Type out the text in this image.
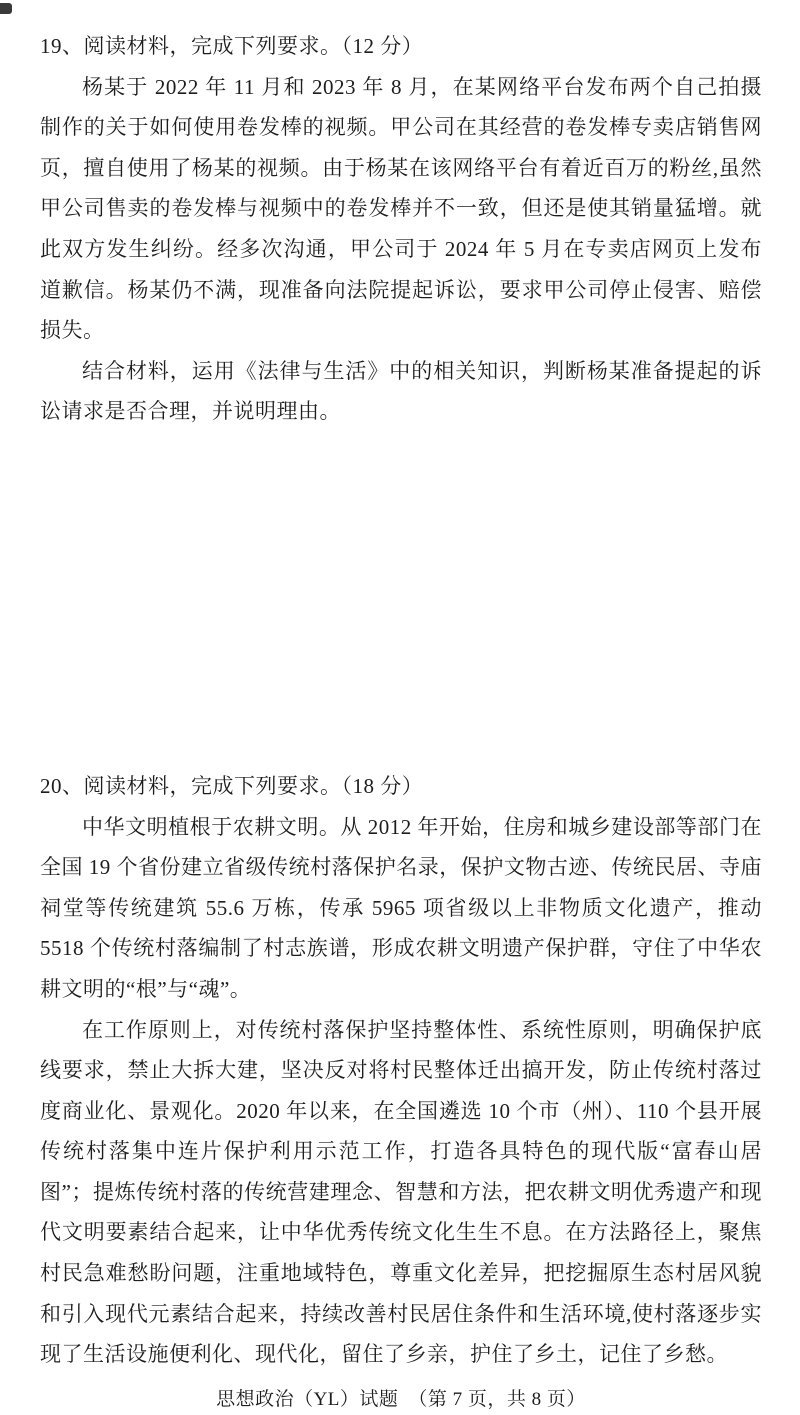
19、阅读材料，完成下列要求。（12 分）

杨某于 2022 年 11 月和 2023 年 8 月，在某网络平台发布两个自己拍摄制作的关于如何使用卷发棒的视频。甲公司在其经营的卷发棒专卖店销售网页，擅自使用了杨某的视频。由于杨某在该网络平台有着近百万的粉丝,虽然甲公司售卖的卷发棒与视频中的卷发棒并不一致，但还是使其销量猛增。就此双方发生纠纷。经多次沟通，甲公司于 2024 年 5 月在专卖店网页上发布道歉信。杨某仍不满，现准备向法院提起诉讼，要求甲公司停止侵害、赔偿损失。

结合材料，运用《法律与生活》中的相关知识，判断杨某准备提起的诉讼请求是否合理，并说明理由。

20、阅读材料，完成下列要求。（18 分）

中华文明植根于农耕文明。从 2012 年开始，住房和城乡建设部等部门在全国 19 个省份建立省级传统村落保护名录，保护文物古迹、传统民居、寺庙祠堂等传统建筑 55.6 万栋，传承 5965 项省级以上非物质文化遗产，推动 5518 个传统村落编制了村志族谱，形成农耕文明遗产保护群，守住了中华农耕文明的“根”与“魂”。

在工作原则上，对传统村落保护坚持整体性、系统性原则，明确保护底线要求，禁止大拆大建，坚决反对将村民整体迁出搞开发，防止传统村落过度商业化、景观化。2020 年以来，在全国遴选 10 个市（州）、110 个县开展传统村落集中连片保护利用示范工作，打造各具特色的现代版“富春山居图”；提炼传统村落的传统营建理念、智慧和方法，把农耕文明优秀遗产和现代文明要素结合起来，让中华优秀传统文化生生不息。在方法路径上，聚焦村民急难愁盼问题，注重地域特色，尊重文化差异，把挖掘原生态村居风貌和引入现代元素结合起来，持续改善村民居住条件和生活环境,使村落逐步实现了生活设施便利化、现代化，留住了乡亲，护住了乡土，记住了乡愁。

思想政治（YL）试题　（第 7 页，共 8 页）
